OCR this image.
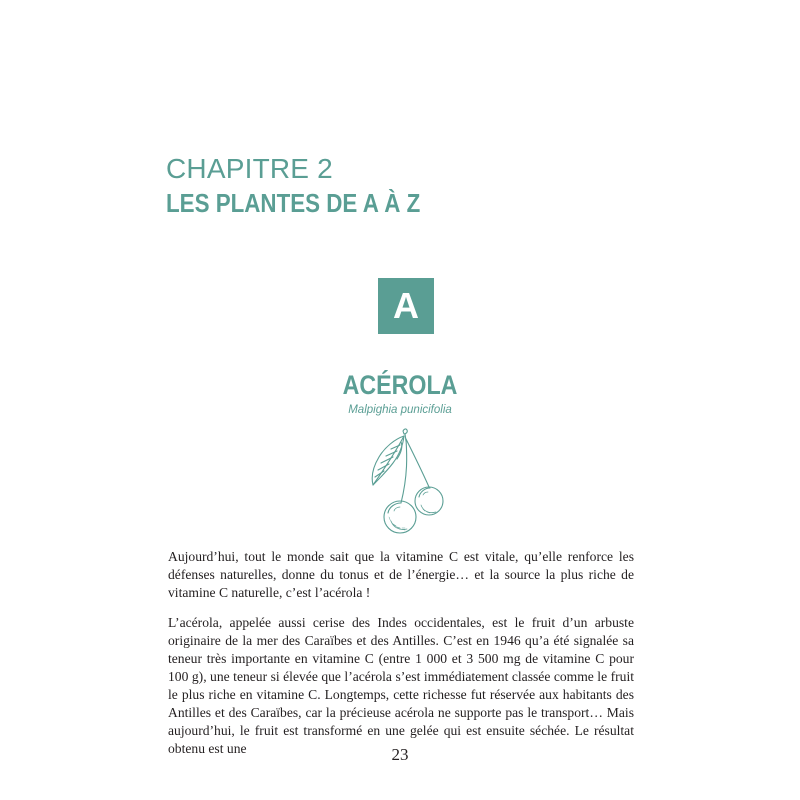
CHAPITRE 2
LES PLANTES DE A À Z
A
ACÉROLA
Malpighia punicifolia

Aujourd’hui, tout le monde sait que la vitamine C est vitale, qu’elle renforce les défenses naturelles, donne du tonus et de l’énergie… et la source la plus riche de vitamine C naturelle, c’est l’acérola !

L’acérola, appelée aussi cerise des Indes occidentales, est le fruit d’un arbuste originaire de la mer des Caraïbes et des Antilles. C’est en 1946 qu’a été signalée sa teneur très importante en vitamine C (entre 1 000 et 3 500 mg de vitamine C pour 100 g), une teneur si élevée que l’acérola s’est immédiatement classée comme le fruit le plus riche en vitamine C. Longtemps, cette richesse fut réservée aux habitants des Antilles et des Caraïbes, car la précieuse acérola ne supporte pas le transport… Mais aujourd’hui, le fruit est transformé en une gelée qui est ensuite séchée. Le résultat obtenu est une	23
